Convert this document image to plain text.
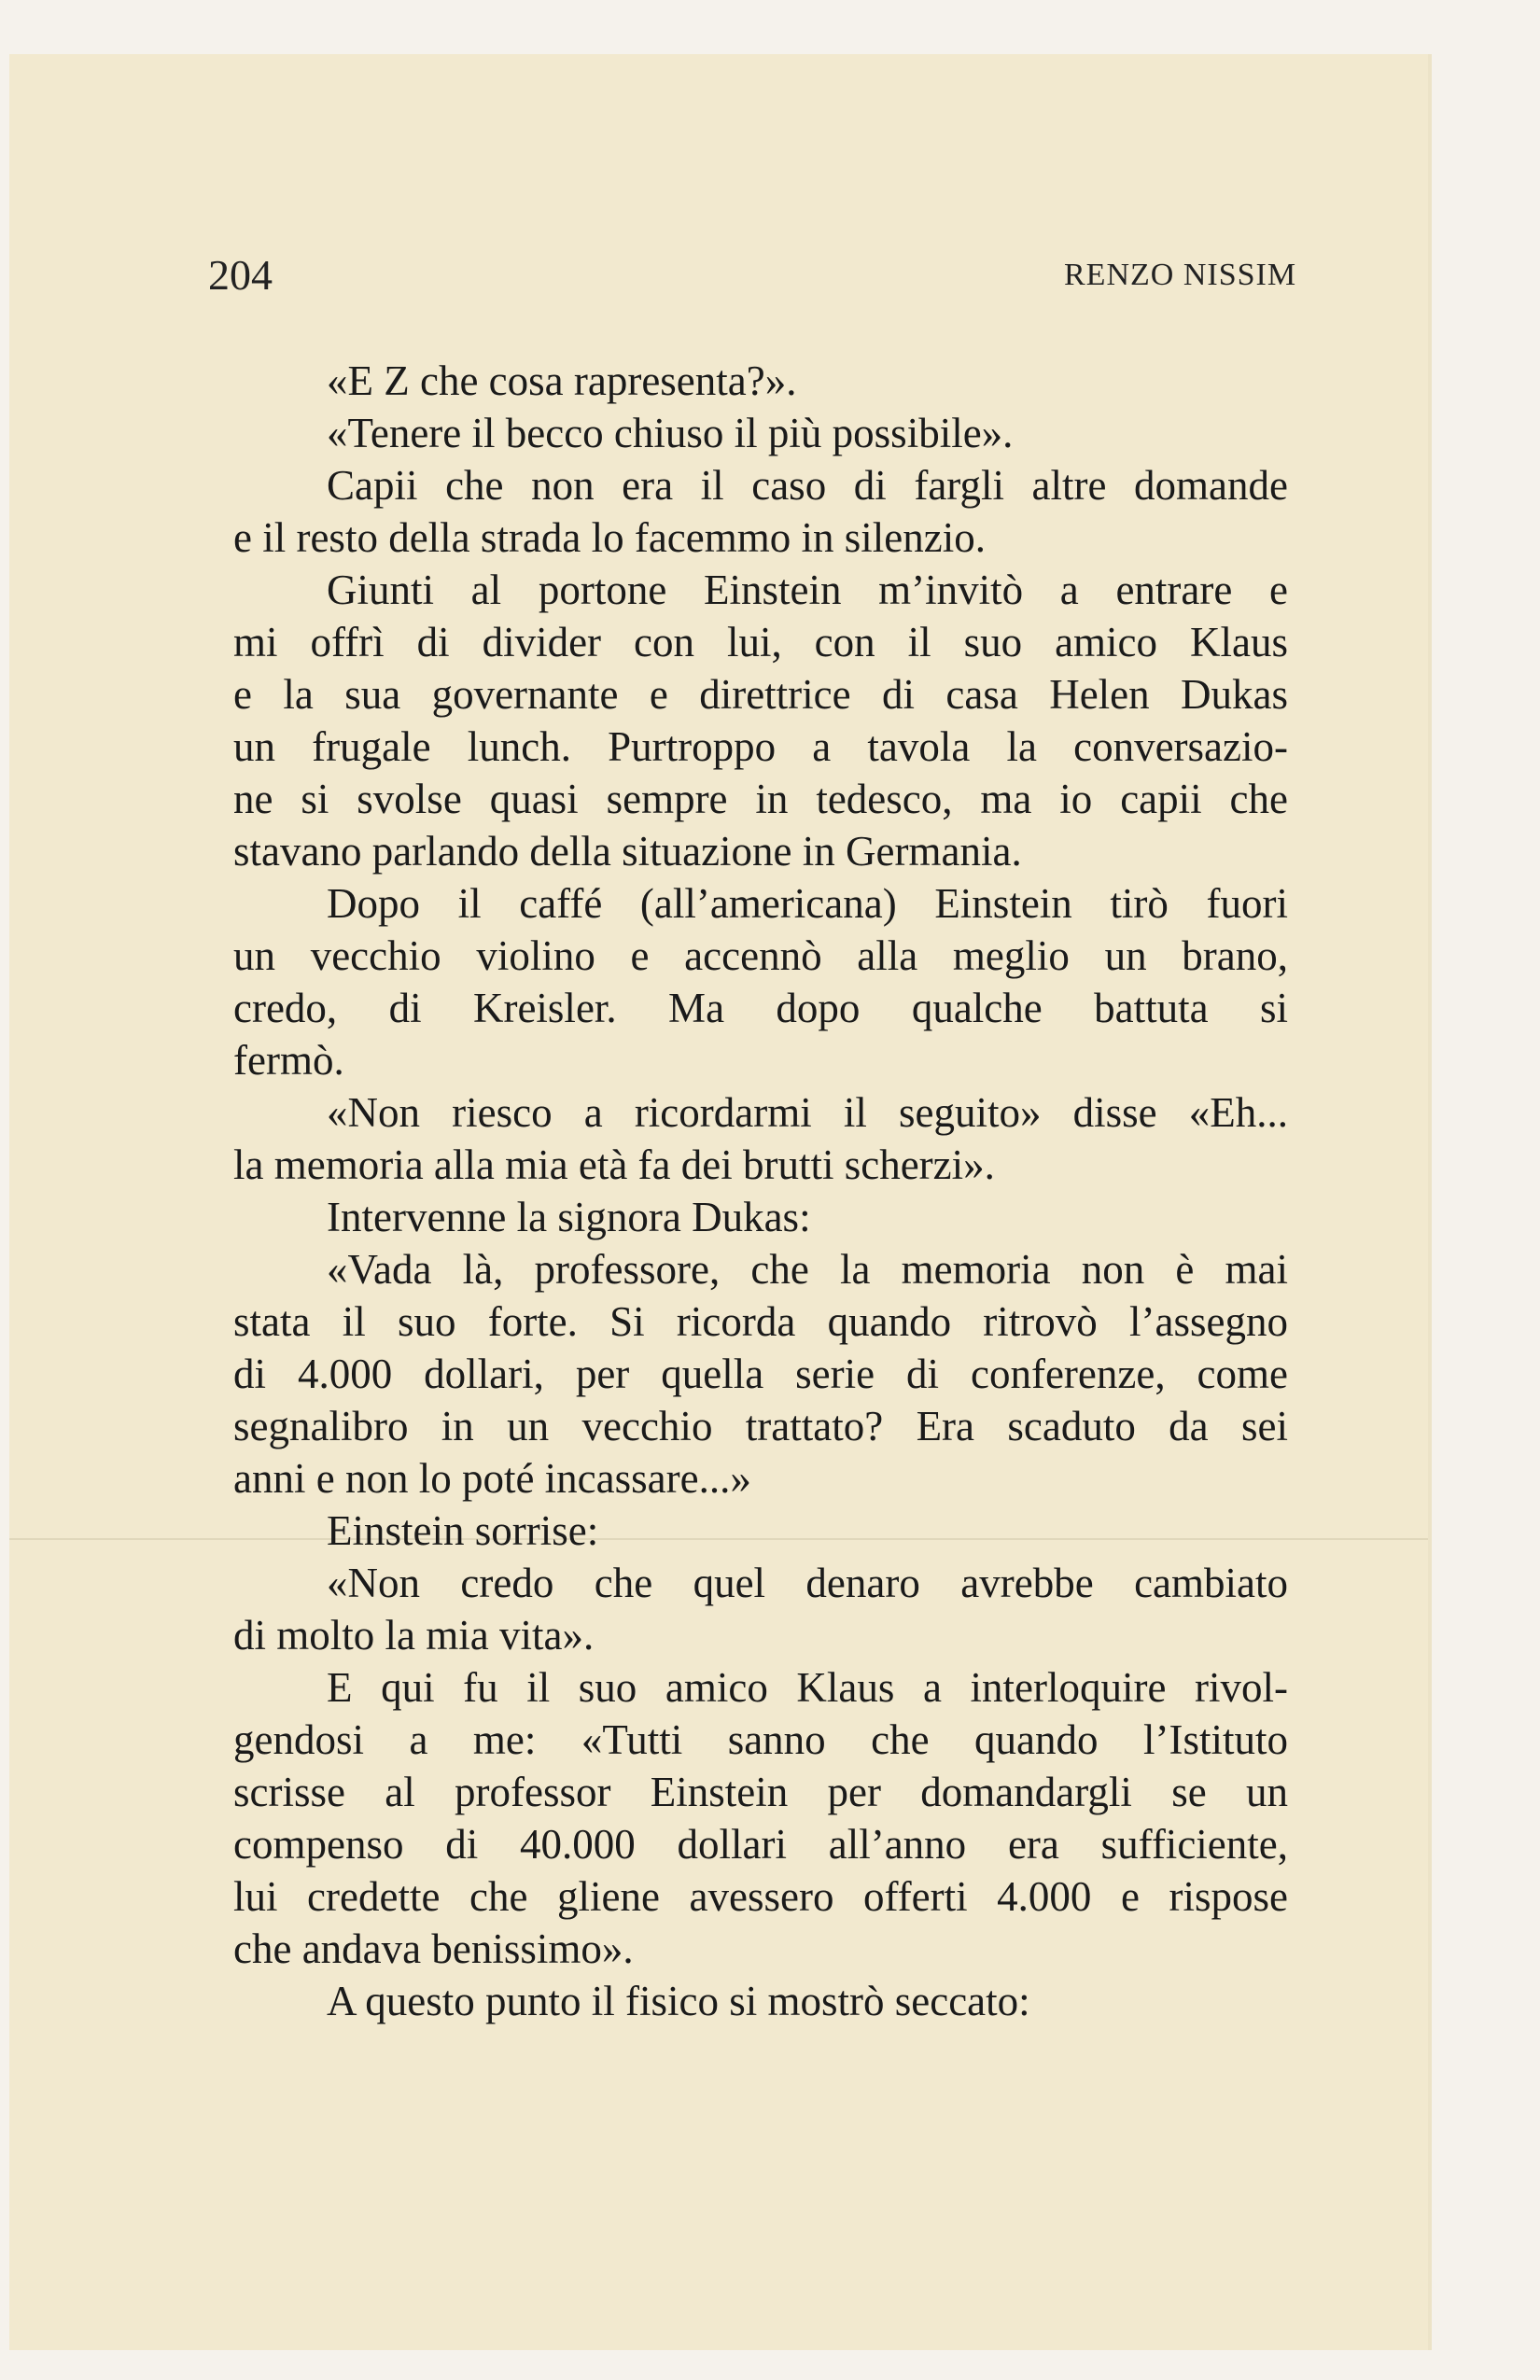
204	RENZO NISSIM

«E Z che cosa rapresenta?».
«Tenere il becco chiuso il più possibile».
Capii che non era il caso di fargli altre domande
e il resto della strada lo facemmo in silenzio.
Giunti al portone Einstein m’invitò a entrare e
mi offrì di divider con lui, con il suo amico Klaus
e la sua governante e direttrice di casa Helen Dukas
un frugale lunch. Purtroppo a tavola la conversazio-
ne si svolse quasi sempre in tedesco, ma io capii che
stavano parlando della situazione in Germania.
Dopo il caffé (all’americana) Einstein tirò fuori
un vecchio violino e accennò alla meglio un brano,
credo, di Kreisler. Ma dopo qualche battuta si
fermò.
«Non riesco a ricordarmi il seguito» disse «Eh...
la memoria alla mia età fa dei brutti scherzi».
Intervenne la signora Dukas:
«Vada là, professore, che la memoria non è mai
stata il suo forte. Si ricorda quando ritrovò l’assegno
di 4.000 dollari, per quella serie di conferenze, come
segnalibro in un vecchio trattato? Era scaduto da sei
anni e non lo poté incassare...»
Einstein sorrise:
«Non credo che quel denaro avrebbe cambiato
di molto la mia vita».
E qui fu il suo amico Klaus a interloquire rivol-
gendosi a me: «Tutti sanno che quando l’Istituto
scrisse al professor Einstein per domandargli se un
compenso di 40.000 dollari all’anno era sufficiente,
lui credette che gliene avessero offerti 4.000 e rispose
che andava benissimo».
A questo punto il fisico si mostrò seccato:
